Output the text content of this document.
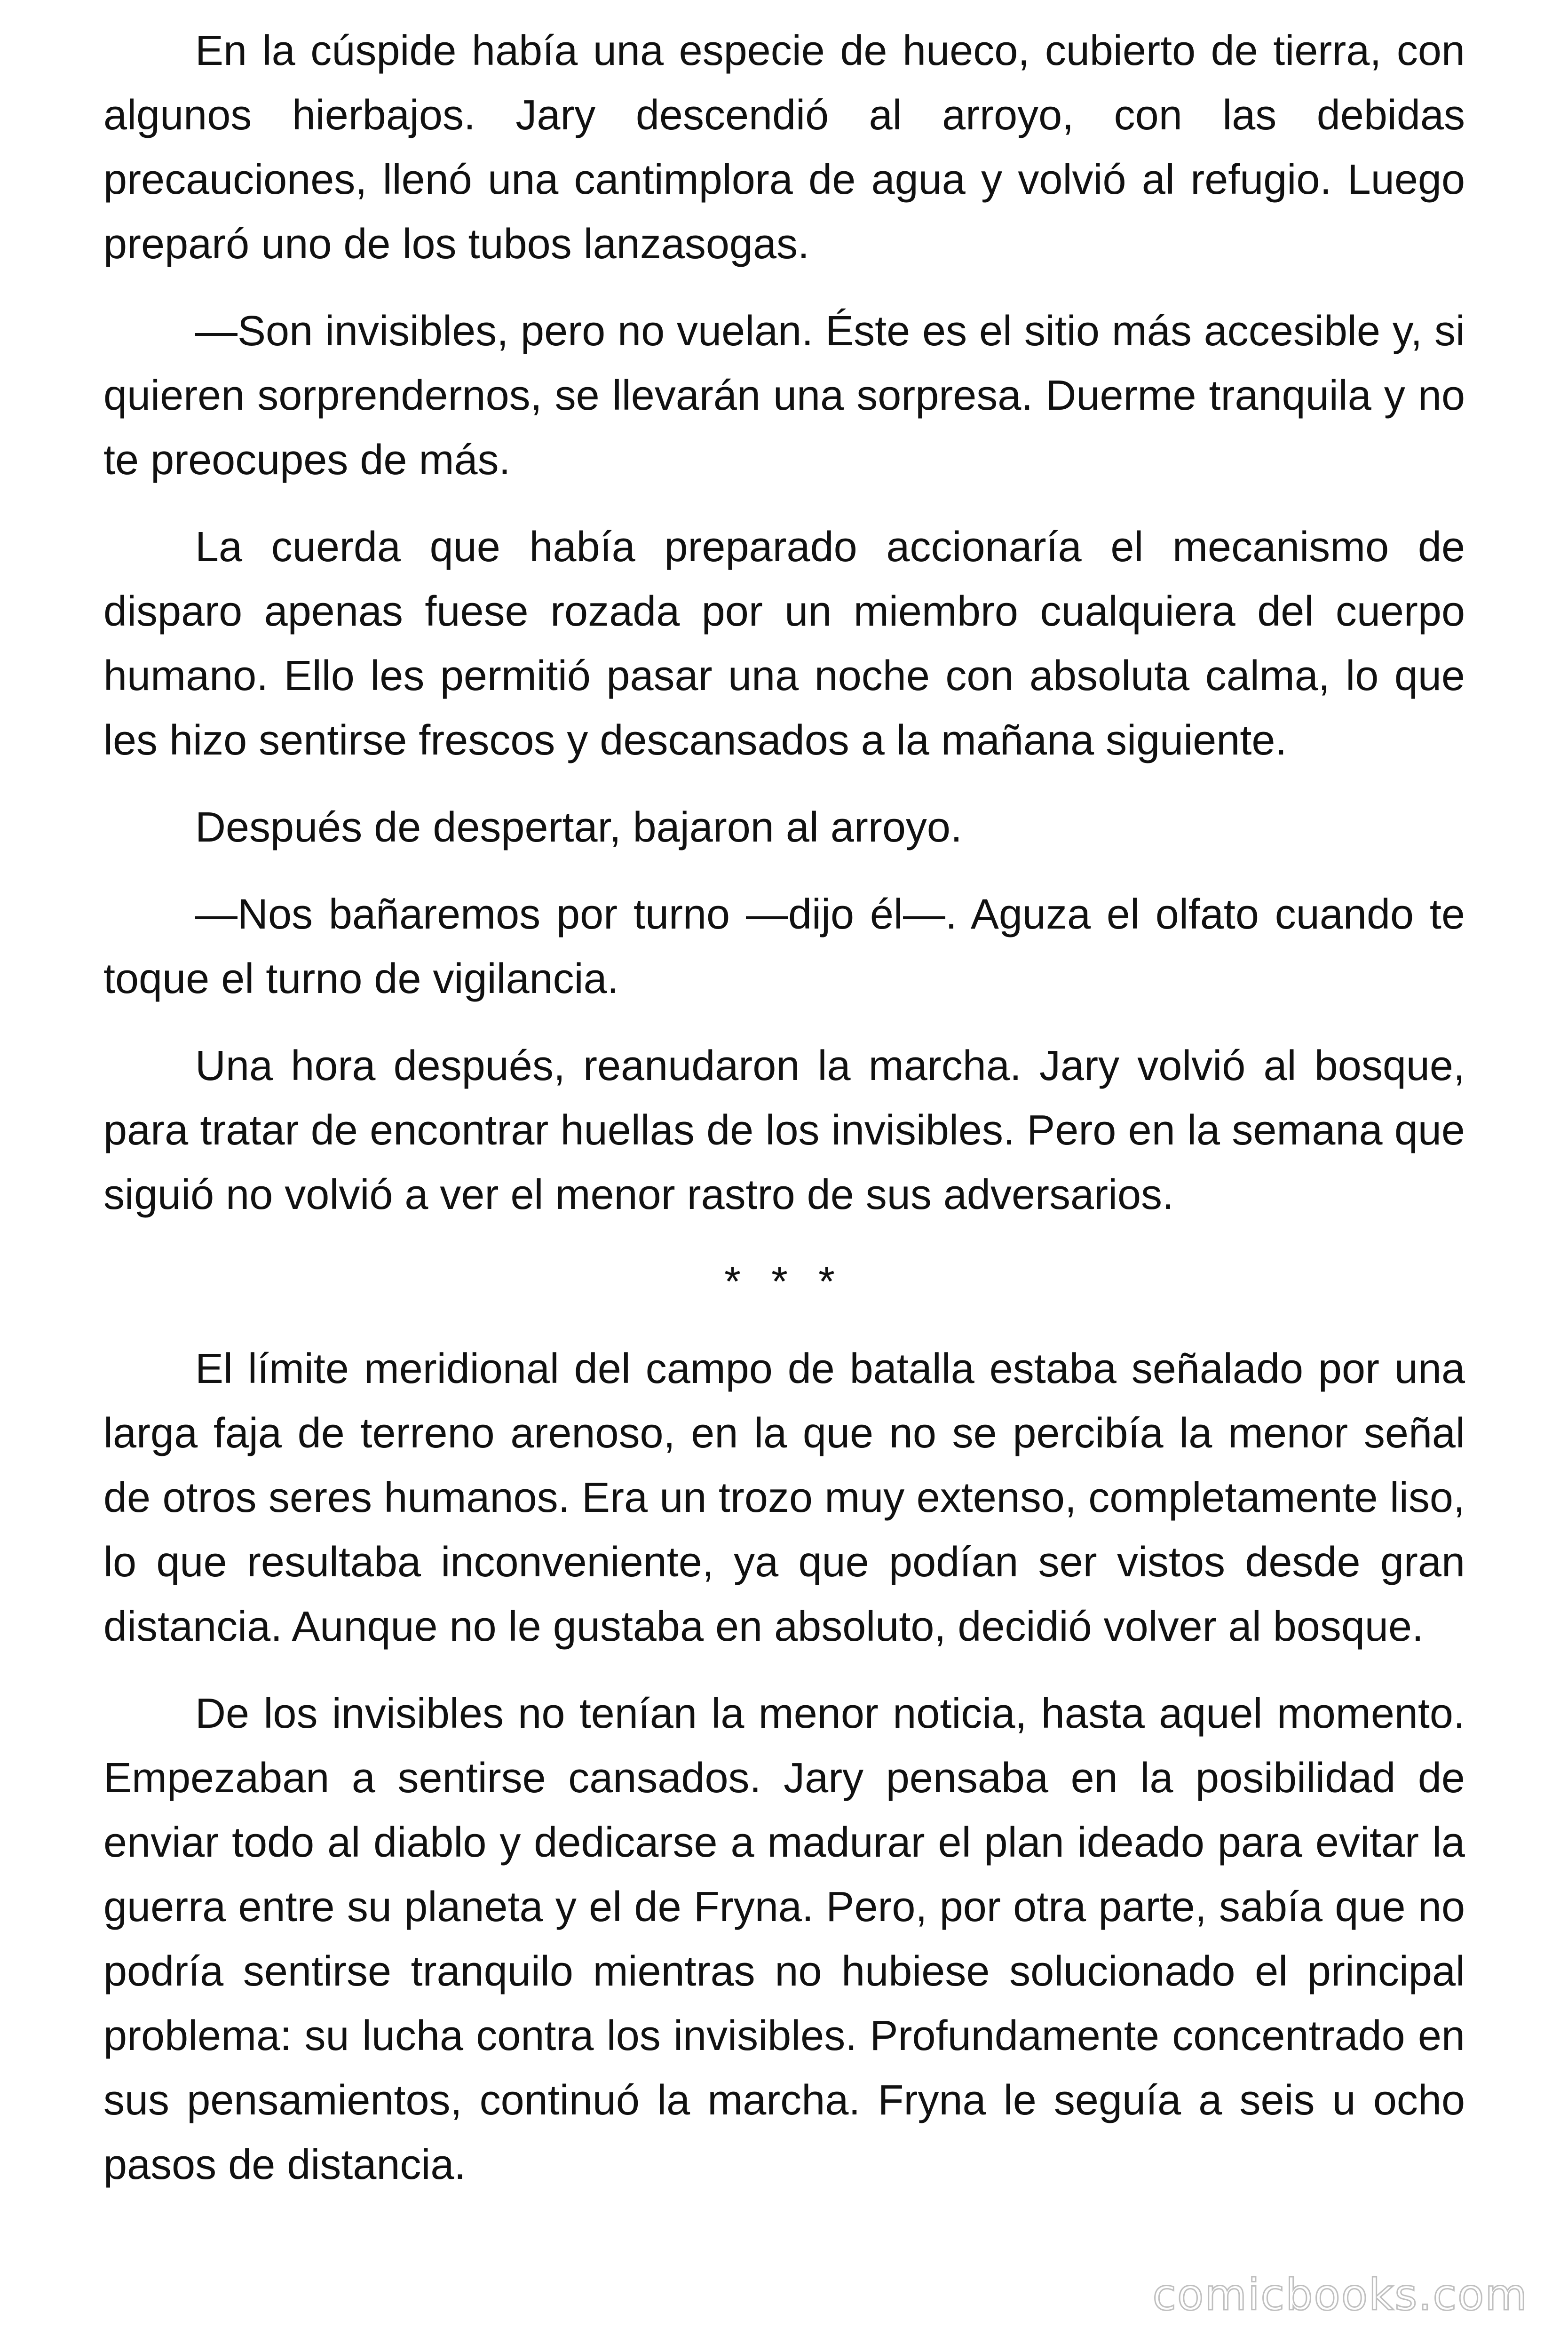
En la cúspide había una especie de hueco, cubierto de tierra, con algunos hierbajos. Jary descendió al arroyo, con las debidas precauciones, llenó una cantimplora de agua y volvió al refugio. Luego preparó uno de los tubos lanzasogas.

—Son invisibles, pero no vuelan. Éste es el sitio más accesible y, si quieren sorprendernos, se llevarán una sorpresa. Duerme tranquila y no te preocupes de más.

La cuerda que había preparado accionaría el mecanismo de disparo apenas fuese rozada por un miembro cualquiera del cuerpo humano. Ello les permitió pasar una noche con absoluta calma, lo que les hizo sentirse frescos y descansados a la mañana siguiente.

Después de despertar, bajaron al arroyo.

—Nos bañaremos por turno —dijo él—. Aguza el olfato cuando te toque el turno de vigilancia.

Una hora después, reanudaron la marcha. Jary volvió al bosque, para tratar de encontrar huellas de los invisibles. Pero en la semana que siguió no volvió a ver el menor rastro de sus adversarios.

* * *

El límite meridional del campo de batalla estaba señalado por una larga faja de terreno arenoso, en la que no se percibía la menor señal de otros seres humanos. Era un trozo muy extenso, completamente liso, lo que resultaba inconveniente, ya que podían ser vistos desde gran distancia. Aunque no le gustaba en absoluto, decidió volver al bosque.

De los invisibles no tenían la menor noticia, hasta aquel momento. Empezaban a sentirse cansados. Jary pensaba en la posibilidad de enviar todo al diablo y dedicarse a madurar el plan ideado para evitar la guerra entre su planeta y el de Fryna. Pero, por otra parte, sabía que no podría sentirse tranquilo mientras no hubiese solucionado el principal problema: su lucha contra los invisibles. Profundamente concentrado en sus pensamientos, continuó la marcha. Fryna le seguía a seis u ocho pasos de distancia.

comicbooks.com
